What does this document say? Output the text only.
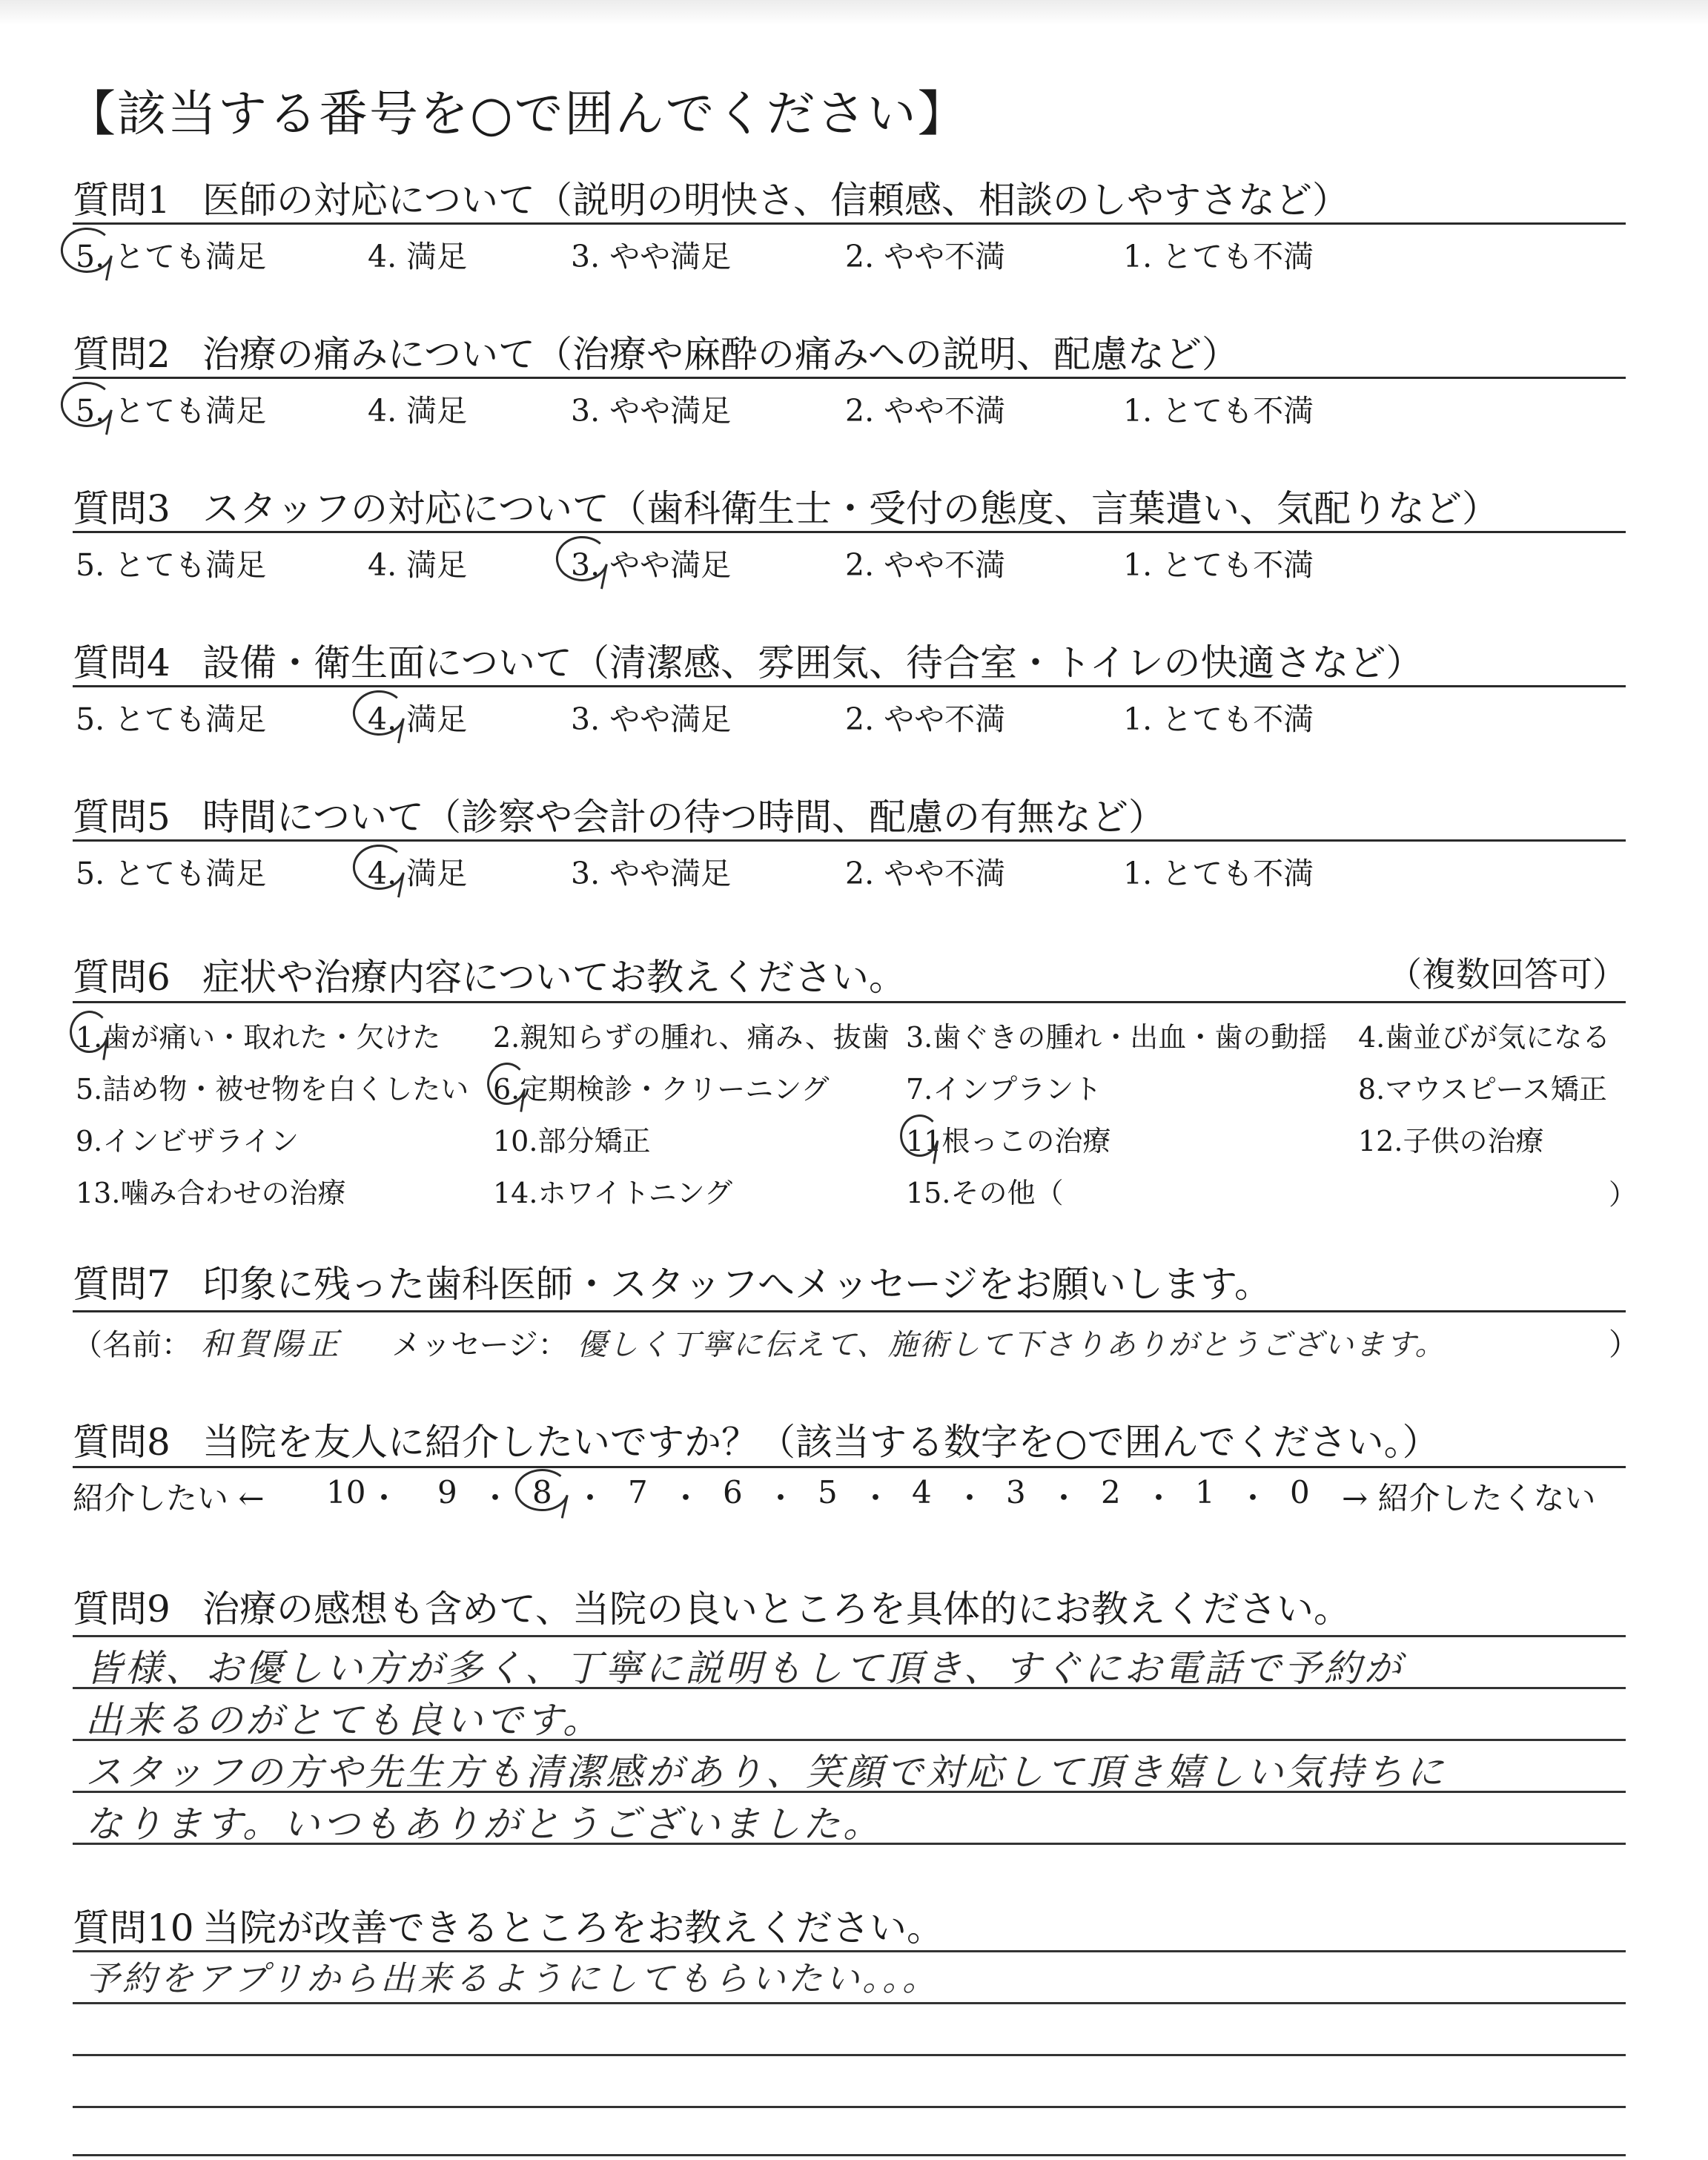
【該当する番号を○で囲んでください】
質問1 医師の対応について（説明の明快さ、信頼感、相談のしやすさなど）
5. とても満足	4. 満足	3. やや満足	2. やや不満	1. とても不満
質問2 治療の痛みについて（治療や麻酔の痛みへの説明、配慮など）
5. とても満足	4. 満足	3. やや満足	2. やや不満	1. とても不満
質問3 スタッフの対応について（歯科衛生士・受付の態度、言葉遣い、気配りなど）
5. とても満足	4. 満足	3. やや満足	2. やや不満	1. とても不満
質問4 設備・衛生面について（清潔感、雰囲気、待合室・トイレの快適さなど）
5. とても満足	4. 満足	3. やや満足	2. やや不満	1. とても不満
質問5 時間について（診察や会計の待つ時間、配慮の有無など）
5. とても満足	4. 満足	3. やや満足	2. やや不満	1. とても不満
質問6 症状や治療内容についてお教えください。	（複数回答可）
1.歯が痛い・取れた・欠けた 2.親知らずの腫れ、痛み、抜歯 3.歯ぐきの腫れ・出血・歯の動揺 4.歯並びが気になる
5.詰め物・被せ物を白くしたい 6.定期検診・クリーニング	7.インプラント	8.マウスピース矯正
9.インビザライン	10.部分矯正	11根っこの治療	12.子供の治療
13.噛み合わせの治療	14.ホワイトニング	15.その他（	）
質問7 印象に残った歯科医師・スタッフへメッセージをお願いします。
（名前： 和賀陽正 メッセージ： 優しく丁寧に伝えて、施術して下さりありがとうございます。	）
質問8 当院を友人に紹介したいですか？（該当する数字を○で囲んでください。）
紹介したい ← 10 ・ 9 ・ 8 ・ 7 ・ 6 ・ 5 ・ 4 ・ 3 ・ 2 ・ 1 ・ 0 → 紹介したくない
質問9 治療の感想も含めて、当院の良いところを具体的にお教えください。
皆様、お優しい方が多く、丁寧に説明もして頂き、すぐにお電話で予約が
出来るのがとても良いです。
スタッフの方や先生方も清潔感があり、笑顔で対応して頂き嬉しい気持ちに
なります。いつもありがとうございました。
質問10 当院が改善できるところをお教えください。
予約をアプリから出来るようにしてもらいたい。。。
